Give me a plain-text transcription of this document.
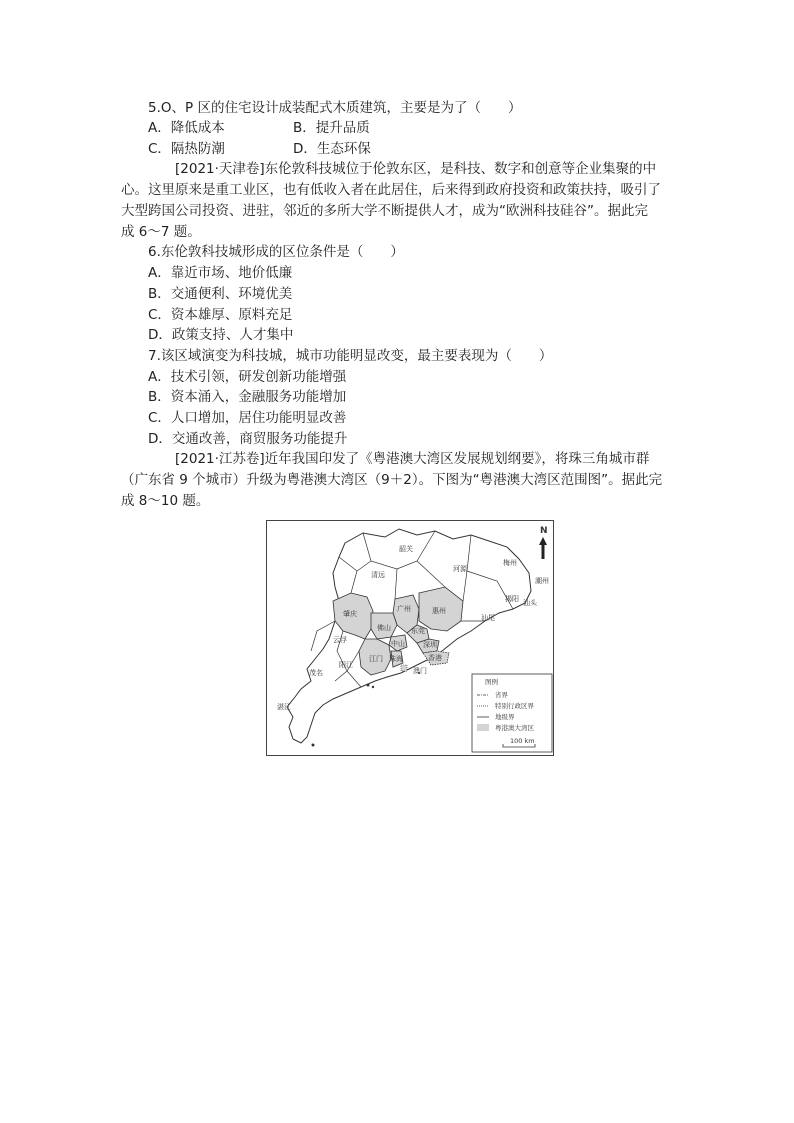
5.O、P 区的住宅设计成装配式木质建筑，主要是为了（　　）
A．降低成本	B．提升品质
C．隔热防潮	D．生态环保
[2021·天津卷]东伦敦科技城位于伦敦东区，是科技、数字和创意等企业集聚的中
心。这里原来是重工业区，也有低收入者在此居住，后来得到政府投资和政策扶持，吸引了
大型跨国公司投资、进驻，邻近的多所大学不断提供人才，成为“欧洲科技硅谷”。据此完
成 6～7 题。
6.东伦敦科技城形成的区位条件是（　　）
A．靠近市场、地价低廉
B．交通便利、环境优美
C．资本雄厚、原料充足
D．政策支持、人才集中
7.该区域演变为科技城，城市功能明显改变，最主要表现为（　　）
A．技术引领，研发创新功能增强
B．资本涌入，金融服务功能增加
C．人口增加，居住功能明显改善
D．交通改善，商贸服务功能提升
[2021·江苏卷]近年我国印发了《粤港澳大湾区发展规划纲要》，将珠三角城市群
（广东省 9 个城市）升级为粤港澳大湾区（9＋2）。下图为“粤港澳大湾区范围图”。据此完
成 8～10 题。
N
韶关
清远
河源
梅州
潮州
揭阳 汕头
汕尾
肇庆
广州	惠州
佛山	东莞
深圳
云浮	中山
香港
江门 珠海
澳门
阳江
茂名
湛江
图例
省界
特别行政区界
地级界
粤港澳大湾区
100 km
